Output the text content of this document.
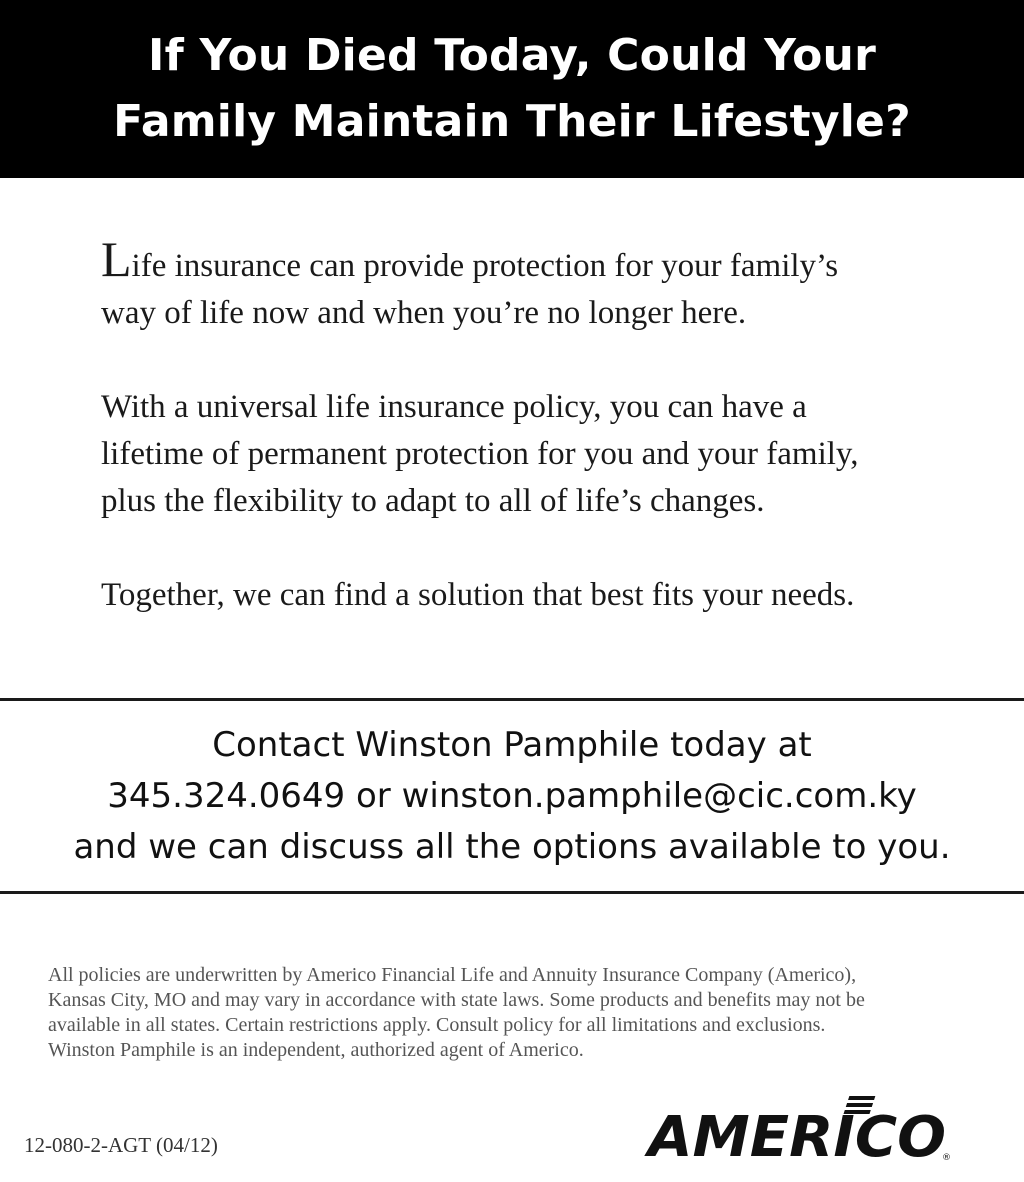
If You Died Today, Could Your
Family Maintain Their Lifestyle?

Life insurance can provide protection for your family’s
way of life now and when you’re no longer here.

With a universal life insurance policy, you can have a
lifetime of permanent protection for you and your family,
plus the flexibility to adapt to all of life’s changes.

Together, we can find a solution that best fits your needs.

Contact Winston Pamphile today at
345.324.0649 or winston.pamphile@cic.com.ky
and we can discuss all the options available to you.
All policies are underwritten by Americo Financial Life and Annuity Insurance Company (Americo),
Kansas City, MO and may vary in accordance with state laws. Some products and benefits may not be
available in all states. Certain restrictions apply. Consult policy for all limitations and exclusions.
Winston Pamphile is an independent, authorized agent of Americo.
12-080-2-AGT (04/12)	AMERICO
®
